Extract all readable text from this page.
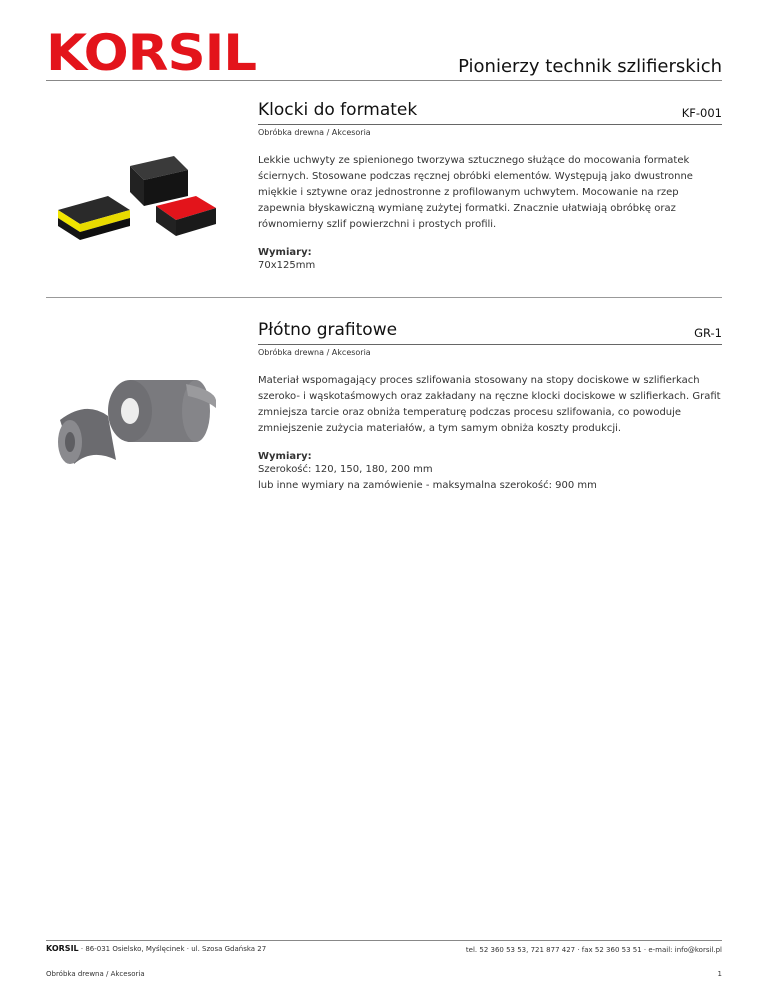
KORSIL	Pionierzy technik szlifierskich
Klocki do formatek	KF-001
Obróbka drewna / Akcesoria
Lekkie uchwyty ze spienionego tworzywa sztucznego służące do mocowania formatek ściernych. Stosowane podczas ręcznej obróbki elementów. Występują jako dwustronne miękkie i sztywne oraz jednostronne z profilowanym uchwytem. Mocowanie na rzep zapewnia błyskawiczną wymianę zużytej formatki. Znacznie ułatwiają obróbkę oraz równomierny szlif powierzchni i prostych profili.
Wymiary:
70x125mm
Płótno grafitowe	GR-1
Obróbka drewna / Akcesoria
Materiał wspomagający proces szlifowania stosowany na stopy dociskowe w szlifierkach szeroko- i wąskotaśmowych oraz zakładany na ręczne klocki dociskowe w szlifierkach. Grafit zmniejsza tarcie oraz obniża temperaturę podczas procesu szlifowania, co powoduje zmniejszenie zużycia materiałów, a tym samym obniża koszty produkcji.
Wymiary:
Szerokość: 120, 150, 180, 200 mm
lub inne wymiary na zamówienie - maksymalna szerokość: 900 mm
KORSIL · 86-031 Osielsko, Myślęcinek · ul. Szosa Gdańska 27	tel. 52 360 53 53, 721 877 427 · fax 52 360 53 51 · e-mail: info@korsil.pl
Obróbka drewna / Akcesoria	1
